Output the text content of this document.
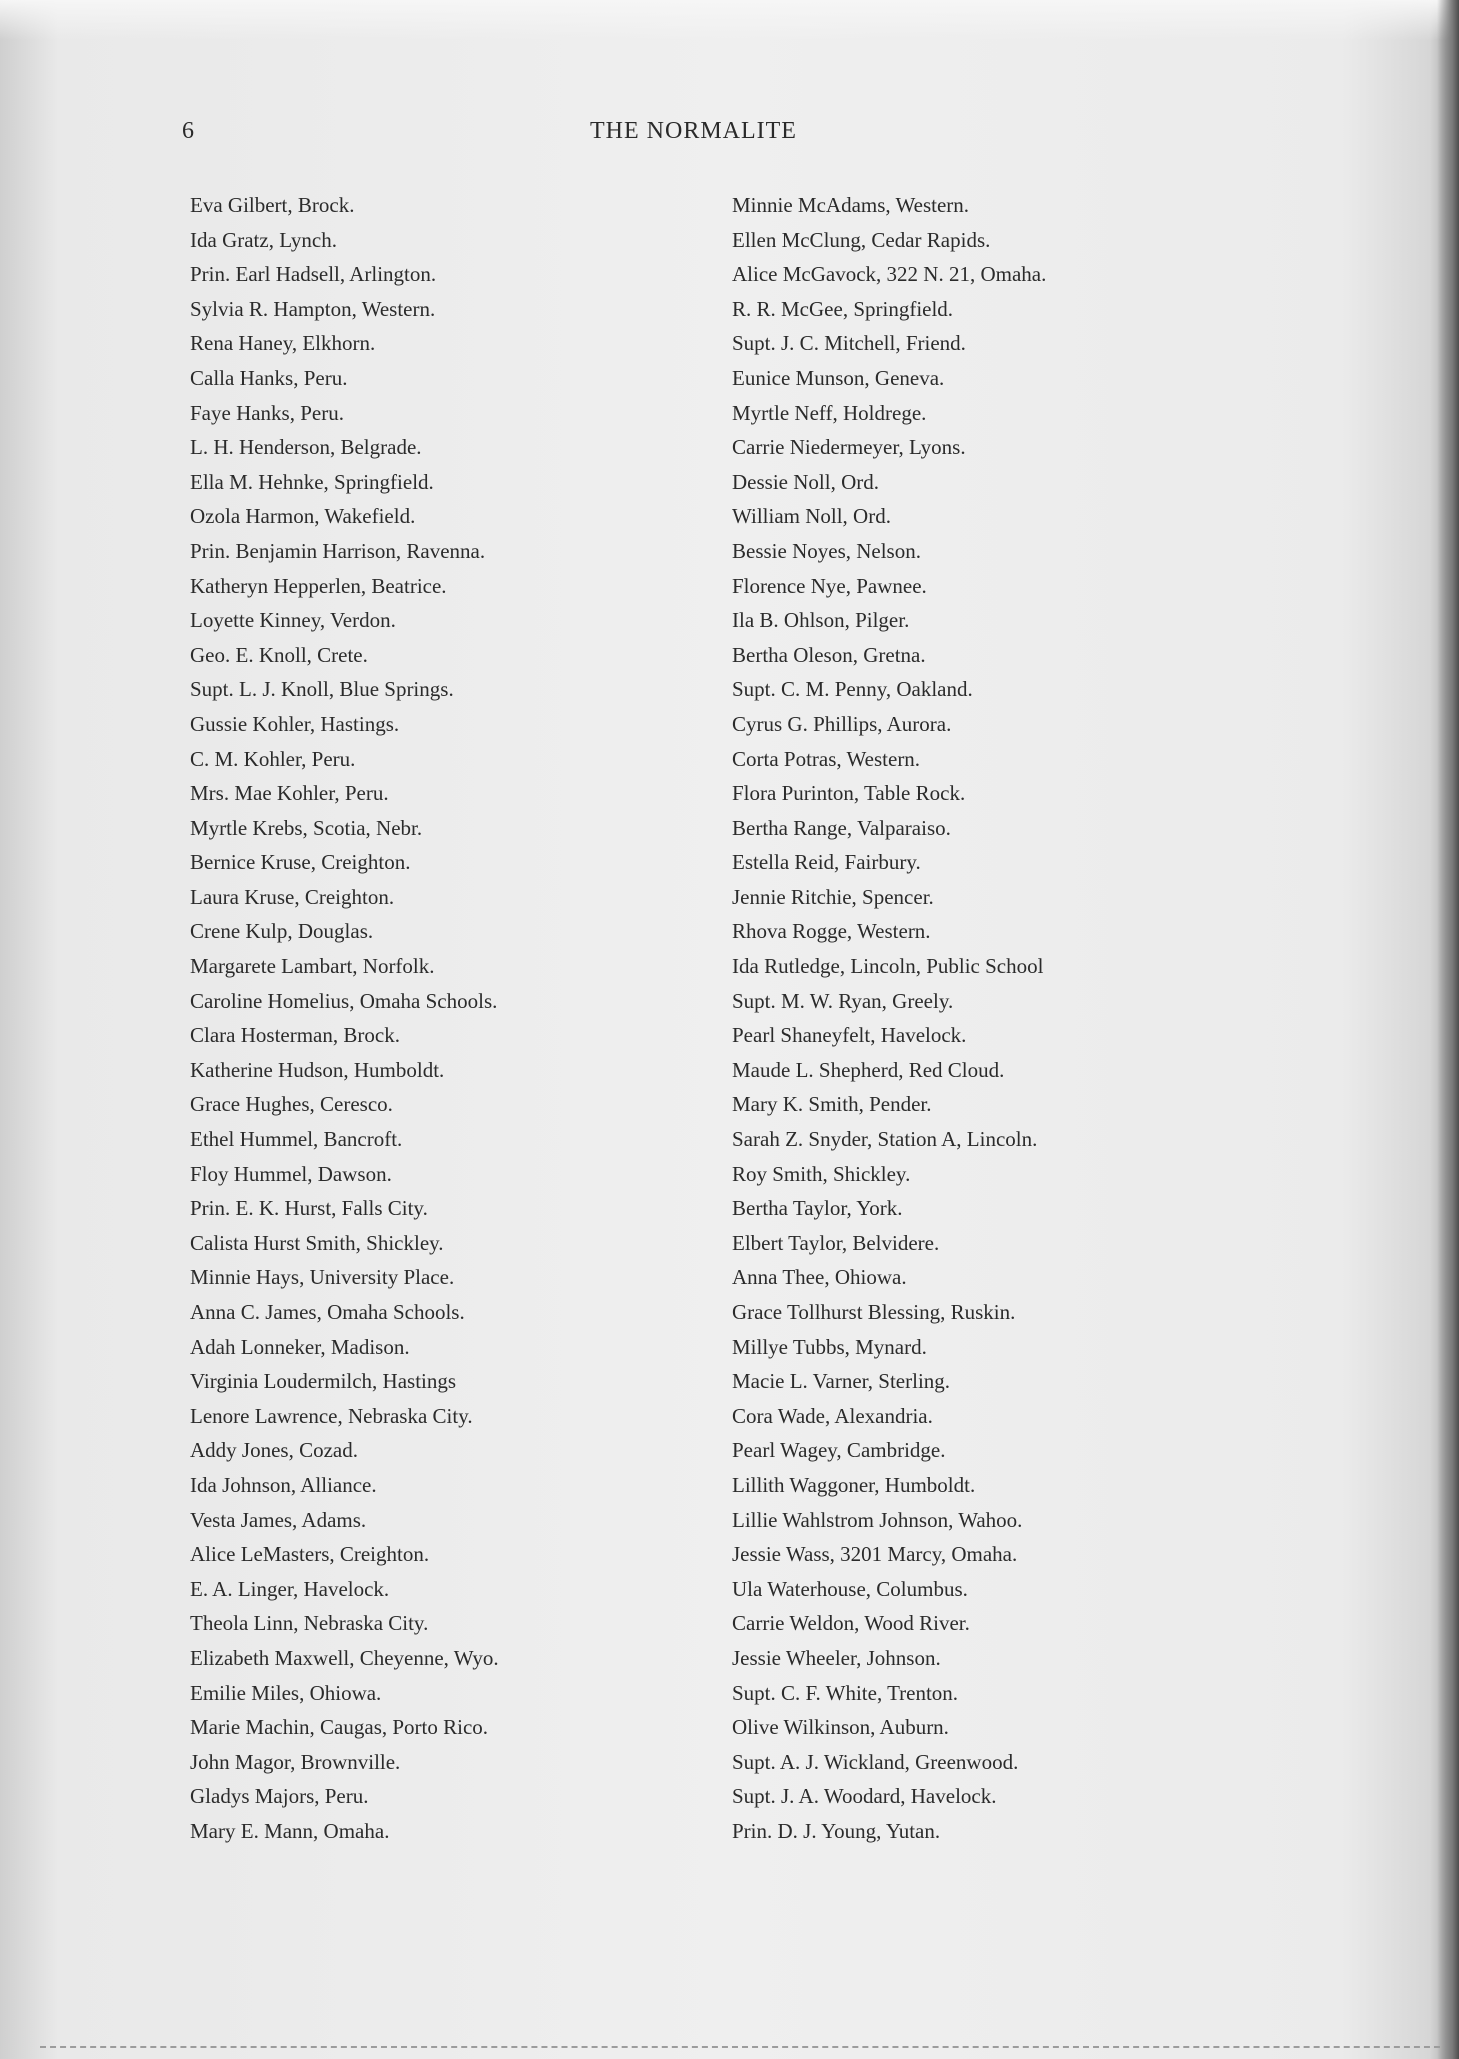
6	THE NORMALITE
Eva Gilbert, Brock.
Ida Gratz, Lynch.
Prin. Earl Hadsell, Arlington.
Sylvia R. Hampton, Western.
Rena Haney, Elkhorn.
Calla Hanks, Peru.
Faye Hanks, Peru.
L. H. Henderson, Belgrade.
Ella M. Hehnke, Springfield.
Ozola Harmon, Wakefield.
Prin. Benjamin Harrison, Ravenna.
Katheryn Hepperlen, Beatrice.
Loyette Kinney, Verdon.
Geo. E. Knoll, Crete.
Supt. L. J. Knoll, Blue Springs.
Gussie Kohler, Hastings.
C. M. Kohler, Peru.
Mrs. Mae Kohler, Peru.
Myrtle Krebs, Scotia, Nebr.
Bernice Kruse, Creighton.
Laura Kruse, Creighton.
Crene Kulp, Douglas.
Margarete Lambart, Norfolk.
Caroline Homelius, Omaha Schools.
Clara Hosterman, Brock.
Katherine Hudson, Humboldt.
Grace Hughes, Ceresco.
Ethel Hummel, Bancroft.
Floy Hummel, Dawson.
Prin. E. K. Hurst, Falls City.
Calista Hurst Smith, Shickley.
Minnie Hays, University Place.
Anna C. James, Omaha Schools.
Adah Lonneker, Madison.
Virginia Loudermilch, Hastings
Lenore Lawrence, Nebraska City.
Addy Jones, Cozad.
Ida Johnson, Alliance.
Vesta James, Adams.
Alice LeMasters, Creighton.
E. A. Linger, Havelock.
Theola Linn, Nebraska City.
Elizabeth Maxwell, Cheyenne, Wyo.
Emilie Miles, Ohiowa.
Marie Machin, Caugas, Porto Rico.
John Magor, Brownville.
Gladys Majors, Peru.
Mary E. Mann, Omaha.
Minnie McAdams, Western.
Ellen McClung, Cedar Rapids.
Alice McGavock, 322 N. 21, Omaha.
R. R. McGee, Springfield.
Supt. J. C. Mitchell, Friend.
Eunice Munson, Geneva.
Myrtle Neff, Holdrege.
Carrie Niedermeyer, Lyons.
Dessie Noll, Ord.
William Noll, Ord.
Bessie Noyes, Nelson.
Florence Nye, Pawnee.
Ila B. Ohlson, Pilger.
Bertha Oleson, Gretna.
Supt. C. M. Penny, Oakland.
Cyrus G. Phillips, Aurora.
Corta Potras, Western.
Flora Purinton, Table Rock.
Bertha Range, Valparaiso.
Estella Reid, Fairbury.
Jennie Ritchie, Spencer.
Rhova Rogge, Western.
Ida Rutledge, Lincoln, Public School
Supt. M. W. Ryan, Greely.
Pearl Shaneyfelt, Havelock.
Maude L. Shepherd, Red Cloud.
Mary K. Smith, Pender.
Sarah Z. Snyder, Station A, Lincoln.
Roy Smith, Shickley.
Bertha Taylor, York.
Elbert Taylor, Belvidere.
Anna Thee, Ohiowa.
Grace Tollhurst Blessing, Ruskin.
Millye Tubbs, Mynard.
Macie L. Varner, Sterling.
Cora Wade, Alexandria.
Pearl Wagey, Cambridge.
Lillith Waggoner, Humboldt.
Lillie Wahlstrom Johnson, Wahoo.
Jessie Wass, 3201 Marcy, Omaha.
Ula Waterhouse, Columbus.
Carrie Weldon, Wood River.
Jessie Wheeler, Johnson.
Supt. C. F. White, Trenton.
Olive Wilkinson, Auburn.
Supt. A. J. Wickland, Greenwood.
Supt. J. A. Woodard, Havelock.
Prin. D. J. Young, Yutan.
